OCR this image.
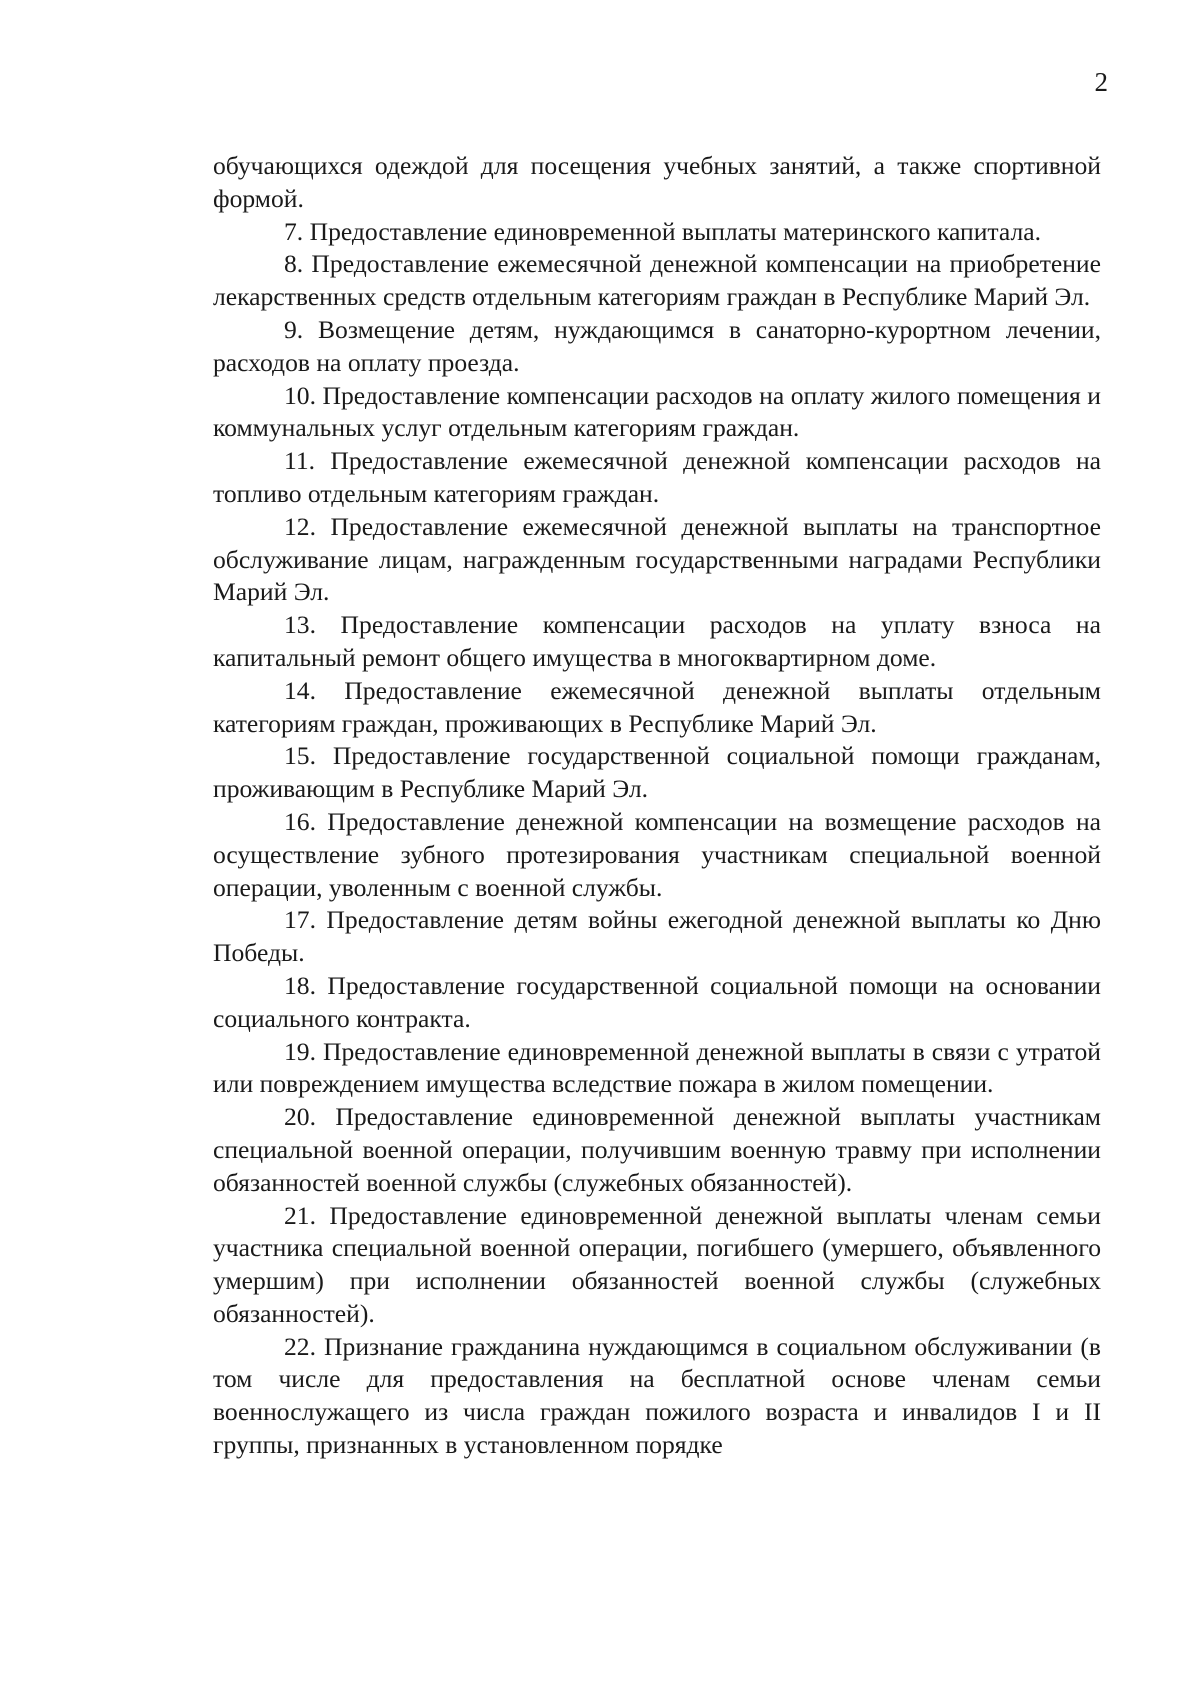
2

обучающихся одеждой для посещения учебных занятий, а также спортивной формой.

7. Предоставление единовременной выплаты материнского капитала.

8. Предоставление ежемесячной денежной компенсации на приобретение лекарственных средств отдельным категориям граждан в Республике Марий Эл.

9. Возмещение детям, нуждающимся в санаторно-курортном лечении, расходов на оплату проезда.

10. Предоставление компенсации расходов на оплату жилого помещения и коммунальных услуг отдельным категориям граждан.

11. Предоставление ежемесячной денежной компенсации расходов на топливо отдельным категориям граждан.

12. Предоставление ежемесячной денежной выплаты на транспортное обслуживание лицам, награжденным государственными наградами Республики Марий Эл.

13. Предоставление компенсации расходов на уплату взноса на капитальный ремонт общего имущества в многоквартирном доме.

14. Предоставление ежемесячной денежной выплаты отдельным категориям граждан, проживающих в Республике Марий Эл.

15. Предоставление государственной социальной помощи гражданам, проживающим в Республике Марий Эл.

16. Предоставление денежной компенсации на возмещение расходов на осуществление зубного протезирования участникам специальной военной операции, уволенным с военной службы.

17. Предоставление детям войны ежегодной денежной выплаты ко Дню Победы.

18. Предоставление государственной социальной помощи на основании социального контракта.

19. Предоставление единовременной денежной выплаты в связи с утратой или повреждением имущества вследствие пожара в жилом помещении.

20. Предоставление единовременной денежной выплаты участникам специальной военной операции, получившим военную травму при исполнении обязанностей военной службы (служебных обязанностей).

21. Предоставление единовременной денежной выплаты членам семьи участника специальной военной операции, погибшего (умершего, объявленного умершим) при исполнении обязанностей военной службы (служебных обязанностей).

22. Признание гражданина нуждающимся в социальном обслуживании (в том числе для предоставления на бесплатной основе членам семьи военнослужащего из числа граждан пожилого возраста и инвалидов I и II группы, признанных в установленном порядке
